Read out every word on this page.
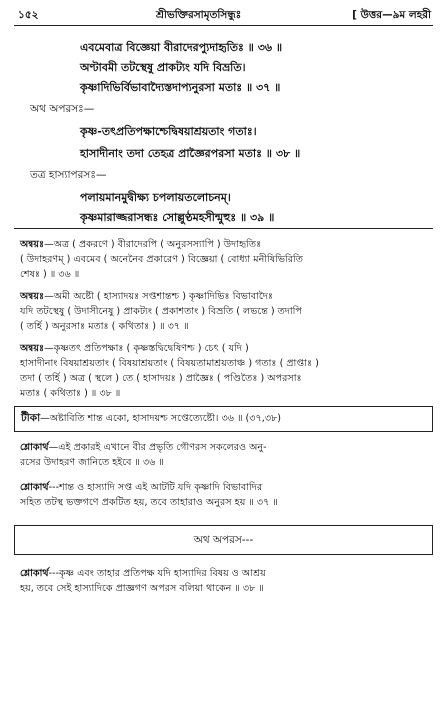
১৫২	শ্রীভক্তিরসামৃতসিন্ধুঃ	[ উত্তর—৯ম লহরী
এবমেবাত্র বিজ্ঞেয়া বীরাদেরপ্যুদাহৃতিঃ ॥ ৩৬ ॥
অণ্টাবমী তটস্থেষু প্রাকট্যং যদি বিভ্রতি।
কৃষ্ণাদিভির্বিভাবাদ্যৈস্তদাপ্যনুরসা মতাঃ ॥ ৩৭ ॥
অথ অপরসঃ—
কৃষ্ণ-তৎপ্রতিপক্ষাশ্চেদ্বিষয়াশ্রয়তাং গতাঃ।
হাসাদীনাং তদা তেহত্র প্রাজ্ঞৈরপরসা মতাঃ ॥ ৩৮ ॥
তত্র হাস্যাপরসঃ—
পলায়মানমুদ্বীক্ষ্য চপলায়তলোচনম্।
কৃষ্ণমারাজ্জরাসন্ধঃ সোল্লুণ্ঠমহসীন্মুহুঃ ॥ ৩৯ ॥
অন্বয়ঃ—অত্র ( প্রকরণে ) বীরাদেরপি ( অনুরসস্যাপি ) উদাহৃতিঃ
( উদাহরণম্ ) এবমেব ( অনেনৈব প্রকারেণ ) বিজ্ঞেয়া ( বোধ্যা মনীষিভিরিতি
শেষঃ ) ॥ ৩৬ ॥
অন্বয়ঃ—অমী অষ্টৌ ( হাস্যাদয়ঃ সপ্তশান্তশ্চ ) কৃষ্ণাদিভিঃ বিভাবাদৈঃ
যদি তটস্থেষু ( উদাসীনেষু ) প্রাকট্যং ( প্রকাশতাং ) বিভ্রতি ( লভন্তে ) তদাপি
( তর্হি ) অনুরসাঃ মতাঃ ( কথিতাঃ ) ॥ ৩৭ ॥
অন্বয়ঃ—কৃষ্ণতৎ প্রতিপক্ষাঃ ( কৃষ্ণস্তদ্বিদ্বেষিণশ্চ ) চেৎ ( যদি )
হাসাদীনাং বিষয়াশ্রয়তাং ( বিষয়াশ্রয়তাং ( বিষয়তামাশ্রয়তাঞ্চ ) গতাঃ ( প্রাপ্তাঃ )
তদা ( তর্হি ) অত্র ( স্থলে ) তে ( হাসাদয়ঃ ) প্রাজ্ঞৈঃ ( পণ্ডিতৈঃ ) অপরসাঃ
মতাঃ ( কথিতাঃ ) ॥ ৩৮ ॥
টীকা—অষ্টাবিতি শান্ত একো, হাসাদয়শ্চ সপ্তেত্যেষ্টৌ। ৩৬ ॥ (৩৭,৩৮)
শ্লোকার্থ—এই প্রকারই এখানে বীর প্রভৃতি গৌণরস সকলেরও অনু-
রসের উদাহরণ জানিতে হইবে ॥ ৩৬ ॥
শ্লোকার্থ---শান্ত ও হাস্যাদি সপ্ত এই আটটি যদি কৃষ্ণাদি বিভাবাদির
সহিত তটস্থ ভক্তগণে প্রকটিত হয়, তবে তাহারাও অনুরস হয় ॥ ৩৭ ॥
অথ অপরস---
শ্লোকার্থ---কৃষ্ণ এবং তাহার প্রতিপক্ষ যদি হাস্যাদির বিষয় ও আশ্রয়
হয়, তবে সেই হাস্যাদিকে প্রাজ্ঞগণ অপরস বলিয়া থাকেন ॥ ৩৮ ॥
